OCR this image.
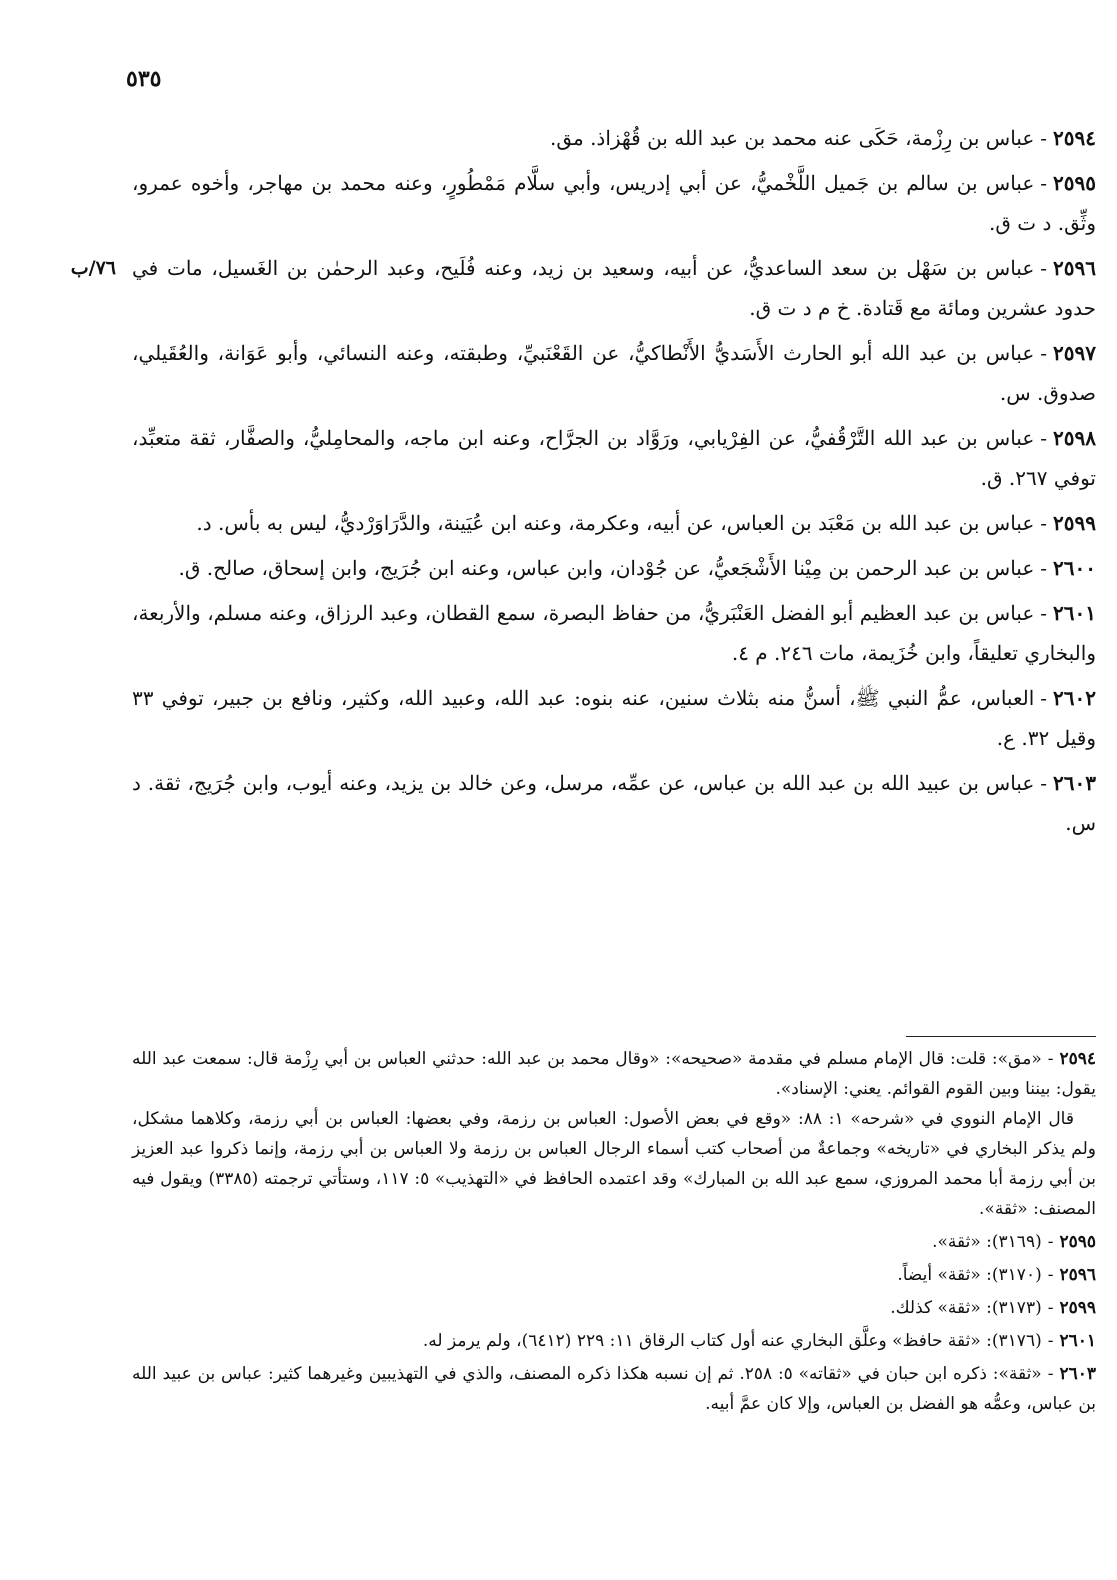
٥٣٥
٢٥٩٤-عباس بن رِزْمة، حَكَى عنه محمد بن عبد الله بن قُهْزاذ. مق.
٢٥٩٥-عباس بن سالم بن جَميل اللَّخْميُّ، عن أبي إدريس، وأبي سلَّام مَمْطُورٍ، وعنه محمد بن مهاجر، وأخوه عمرو، وثِّق. د ت ق.
٧٦/ب	٢٥٩٦-عباس بن سَهْل بن سعد الساعديُّ، عن أبيه، وسعيد بن زيد، وعنه فُلَيح، وعبد الرحمٰن بن الغَسيل، مات في حدود عشرين ومائة مع قَتادة. خ م د ت ق.
٢٥٩٧-عباس بن عبد الله أبو الحارث الأَسَديُّ الأَنْطاكيُّ، عن القَعْنَبيِّ، وطبقته، وعنه النسائي، وأبو عَوَانة، والعُقَيلي، صدوق. س.
٢٥٩٨-عباس بن عبد الله التَّرْقُفيُّ، عن الفِرْيابي، ورَوَّاد بن الجرَّاح، وعنه ابن ماجه، والمحامِليُّ، والصفَّار، ثقة متعبِّد، توفي ٢٦٧. ق.
٢٥٩٩-عباس بن عبد الله بن مَعْبَد بن العباس، عن أبيه، وعكرمة، وعنه ابن عُيَينة، والدَّرَاوَرْديُّ، ليس به بأس. د.
٢٦٠٠-عباس بن عبد الرحمن بن مِيْنا الأَشْجَعيُّ، عن جُوْدان، وابن عباس، وعنه ابن جُرَيج، وابن إسحاق، صالح. ق.
٢٦٠١-عباس بن عبد العظيم أبو الفضل العَنْبَريُّ، من حفاظ البصرة، سمع القطان، وعبد الرزاق، وعنه مسلم، والأربعة، والبخاري تعليقاً، وابن خُزَيمة، مات ٢٤٦. م ٤.
٢٦٠٢-العباس، عمُّ النبي ﷺ، أسنُّ منه بثلاث سنين، عنه بنوه: عبد الله، وعبيد الله، وكثير، ونافع بن جبير، توفي ٣٣ وقيل ٣٢. ع.
٢٦٠٣-عباس بن عبيد الله بن عبد الله بن عباس، عن عمِّه، مرسل، وعن خالد بن يزيد، وعنه أيوب، وابن جُرَيج، ثقة. د س.
٢٥٩٤-«مق»: قلت: قال الإمام مسلم في مقدمة «صحيحه»: «وقال محمد بن عبد الله: حدثني العباس بن أبي رِزْمة قال: سمعت عبد الله يقول: بيننا وبين القوم القوائم. يعني: الإسناد».
قال الإمام النووي في «شرحه» ١: ٨٨: «وقع في بعض الأصول: العباس بن رزمة، وفي بعضها: العباس بن أبي رزمة، وكلاهما مشكل، ولم يذكر البخاري في «تاريخه» وجماعةٌ من أصحاب كتب أسماء الرجال العباس بن رزمة ولا العباس بن أبي رزمة، وإنما ذكروا عبد العزيز بن أبي رزمة أبا محمد المروزي، سمع عبد الله بن المبارك» وقد اعتمده الحافظ في «التهذيب» ٥: ١١٧، وستأتي ترجمته (٣٣٨٥) ويقول فيه المصنف: «ثقة».
٢٥٩٥-(٣١٦٩): «ثقة».
٢٥٩٦-(٣١٧٠): «ثقة» أيضاً.
٢٥٩٩-(٣١٧٣): «ثقة» كذلك.
٢٦٠١-(٣١٧٦): «ثقة حافظ» وعلَّق البخاري عنه أول كتاب الرقاق ١١: ٢٢٩ (٦٤١٢)، ولم يرمز له.
٢٦٠٣-«ثقة»: ذكره ابن حبان في «ثقاته» ٥: ٢٥٨. ثم إن نسبه هكذا ذكره المصنف، والذي في التهذيبين وغيرهما كثير: عباس بن عبيد الله بن عباس، وعمُّه هو الفضل بن العباس، وإلا كان عمَّ أبيه.
